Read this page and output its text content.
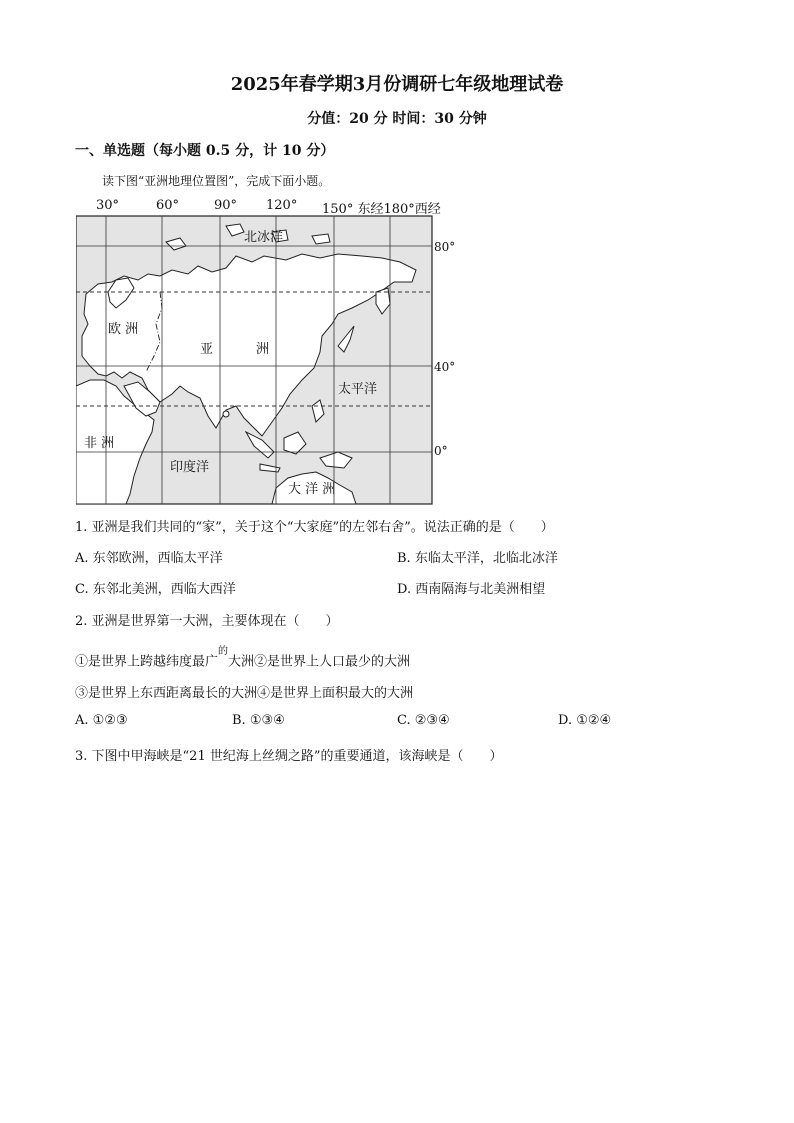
2025年春学期3月份调研七年级地理试卷
分值：20 分 时间：30 分钟
一、单选题（每小题 0.5 分，计 10 分）
读下图“亚洲地理位置图”，完成下面小题。
30°	60°	90° 120° 150° 东经180°西经
80°
40°
0°
北冰洋
欧 洲
亚	洲
非 洲
太平洋
印度洋
大 洋 洲
1. 亚洲是我们共同的“家”，关于这个“大家庭”的左邻右舍”。说法正确的是（　　）
A. 东邻欧洲，西临太平洋	B. 东临太平洋，北临北冰洋
C. 东邻北美洲，西临大西洋	D. 西南隔海与北美洲相望
2. 亚洲是世界第一大洲，主要体现在（　　）
①是世界上跨越纬度最广$^的$大洲②是世界上人口最少的大洲
③是世界上东西距离最长的大洲④是世界上面积最大的大洲
A. ①②③	B. ①③④	C. ②③④	D. ①②④
3. 下图中甲海峡是“21 世纪海上丝绸之路”的重要通道，该海峡是（　　）
